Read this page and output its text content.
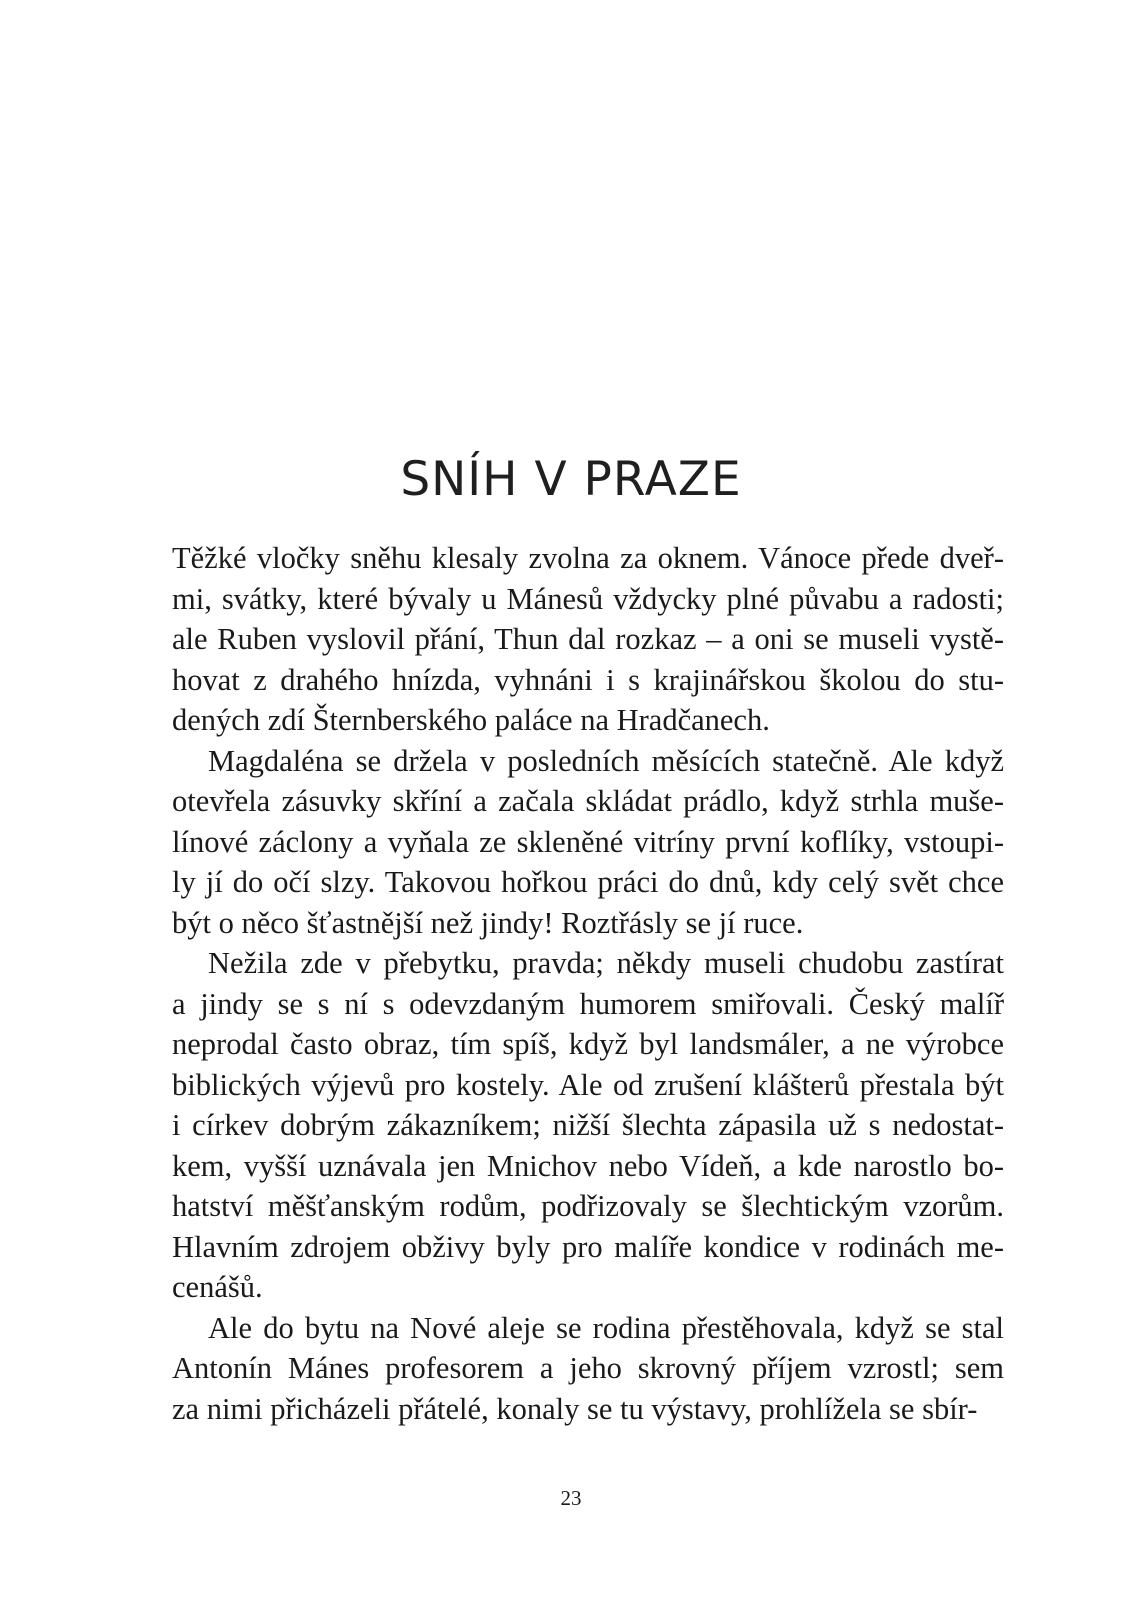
SNÍH V PRAZE

Těžké vločky sněhu klesaly zvolna za oknem. Vánoce přede dveř-
mi, svátky, které bývaly u Mánesů vždycky plné půvabu a radosti;
ale Ruben vyslovil přání, Thun dal rozkaz – a oni se museli vystě-
hovat z drahého hnízda, vyhnáni i s krajinářskou školou do stu-
dených zdí Šternberského paláce na Hradčanech.

Magdaléna se držela v posledních měsících statečně. Ale když
otevřela zásuvky skříní a začala skládat prádlo, když strhla muše-
línové záclony a vyňala ze skleněné vitríny první koflíky, vstoupi-
ly jí do očí slzy. Takovou hořkou práci do dnů, kdy celý svět chce
být o něco šťastnější než jindy! Roztřásly se jí ruce.

Nežila zde v přebytku, pravda; někdy museli chudobu zastírat
a jindy se s ní s odevzdaným humorem smiřovali. Český malíř
neprodal často obraz, tím spíš, když byl landsmáler, a ne výrobce
biblických výjevů pro kostely. Ale od zrušení klášterů přestala být
i církev dobrým zákazníkem; nižší šlechta zápasila už s nedostat-
kem, vyšší uznávala jen Mnichov nebo Vídeň, a kde narostlo bo-
hatství měšťanským rodům, podřizovaly se šlechtickým vzorům.
Hlavním zdrojem obživy byly pro malíře kondice v rodinách me-
cenášů.

Ale do bytu na Nové aleje se rodina přestěhovala, když se stal
Antonín Mánes profesorem a jeho skrovný příjem vzrostl; sem
za nimi přicházeli přátelé, konaly se tu výstavy, prohlížela se sbír-

23
